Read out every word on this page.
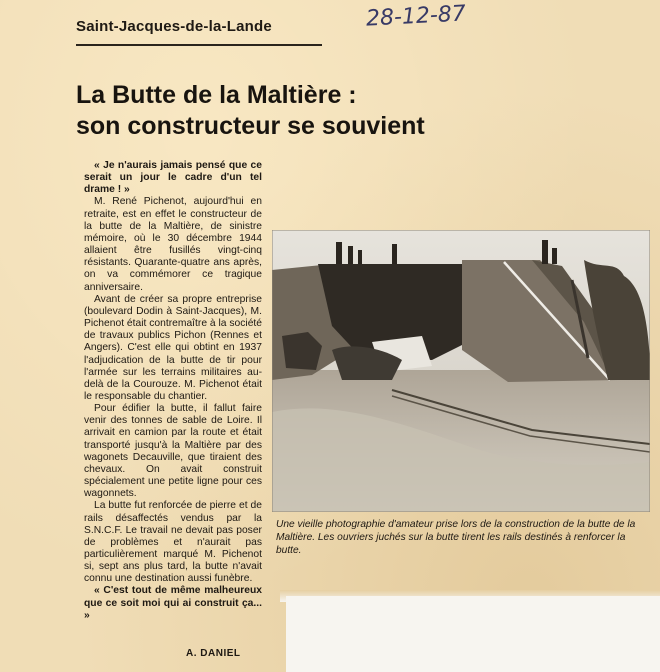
Saint-Jacques-de-la-Lande	28-12-87
La Butte de la Maltière :
son constructeur se souvient

« Je n'aurais jamais pensé que ce serait un jour le cadre d'un tel drame ! »

M. René Pichenot, aujourd'hui en retraite, est en effet le constructeur de la butte de la Maltière, de sinistre mémoire, où le 30 décembre 1944 allaient être fusillés vingt-cinq résistants. Quarante-quatre ans après, on va commémorer ce tragique anniversaire.

Avant de créer sa propre entreprise (boulevard Dodin à Saint-Jacques), M. Pichenot était contremaître à la société de travaux publics Pichon (Rennes et Angers). C'est elle qui obtint en 1937 l'adjudication de la butte de tir pour l'armée sur les terrains militaires au-delà de la Courouze. M. Pichenot était le responsable du chantier.

Pour édifier la butte, il fallut faire venir des tonnes de sable de Loire. Il arrivait en camion par la route et était transporté jusqu'à la Maltière par des wagonets Decauville, que tiraient des chevaux. On avait construit spécialement une petite ligne pour ces wagonnets.

La butte fut renforcée de pierre et de rails désaffectés vendus par la S.N.C.F. Le travail ne devait pas poser de problèmes et n'aurait pas particulièrement marqué M. Pichenot si, sept ans plus tard, la butte n'avait connu une destination aussi funèbre.

« C'est tout de même malheureux que ce soit moi qui ai construit ça... »

A. DANIEL
Une vieille photographie d'amateur prise lors de la construction de la butte de la Maltière. Les ouvriers juchés sur la butte tirent les rails destinés à renforcer la butte.
